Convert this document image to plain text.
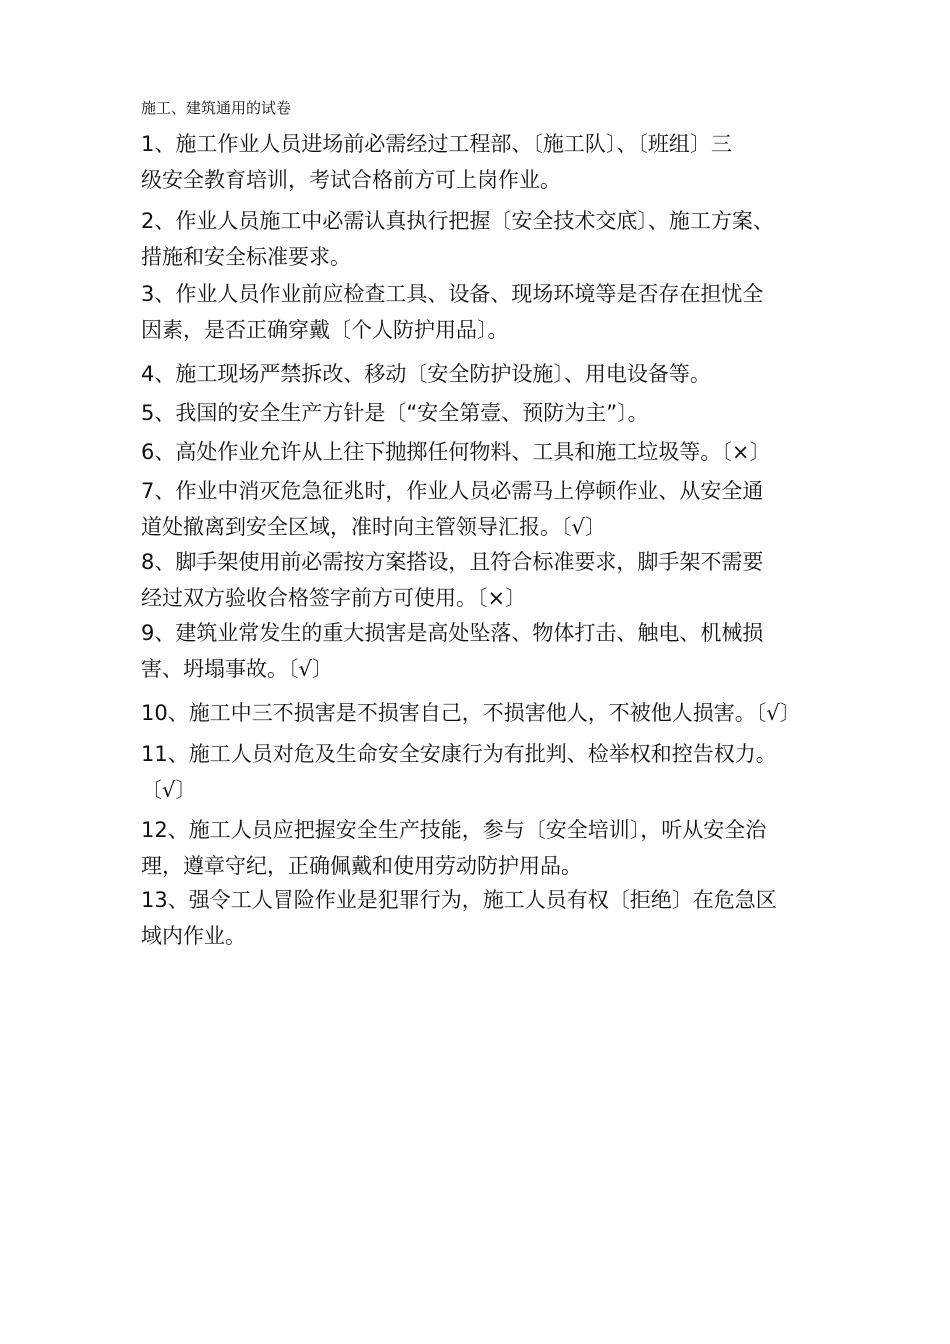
施工、建筑通用的试卷
1、施工作业人员进场前必需经过工程部、〔施工队〕、〔班组〕三
级安全教育培训，考试合格前方可上岗作业。
2、作业人员施工中必需认真执行把握〔安全技术交底〕、施工方案、
措施和安全标准要求。
3、作业人员作业前应检查工具、设备、现场环境等是否存在担忧全
因素，是否正确穿戴〔个人防护用品〕。
4、施工现场严禁拆改、移动〔安全防护设施〕、用电设备等。
5、我国的安全生产方针是〔“安全第壹、预防为主”〕。
6、高处作业允许从上往下抛掷任何物料、工具和施工垃圾等。〔×〕
7、作业中消灭危急征兆时，作业人员必需马上停顿作业、从安全通
道处撤离到安全区域，准时向主管领导汇报。〔√〕
8、脚手架使用前必需按方案搭设，且符合标准要求，脚手架不需要
经过双方验收合格签字前方可使用。〔×〕
9、建筑业常发生的重大损害是高处坠落、物体打击、触电、机械损
害、坍塌事故。〔√〕
10、施工中三不损害是不损害自己，不损害他人，不被他人损害。〔√〕
11、施工人员对危及生命安全安康行为有批判、检举权和控告权力。
〔√〕
12、施工人员应把握安全生产技能，参与〔安全培训〕，听从安全治
理，遵章守纪，正确佩戴和使用劳动防护用品。
13、强令工人冒险作业是犯罪行为，施工人员有权〔拒绝〕在危急区
域内作业。
